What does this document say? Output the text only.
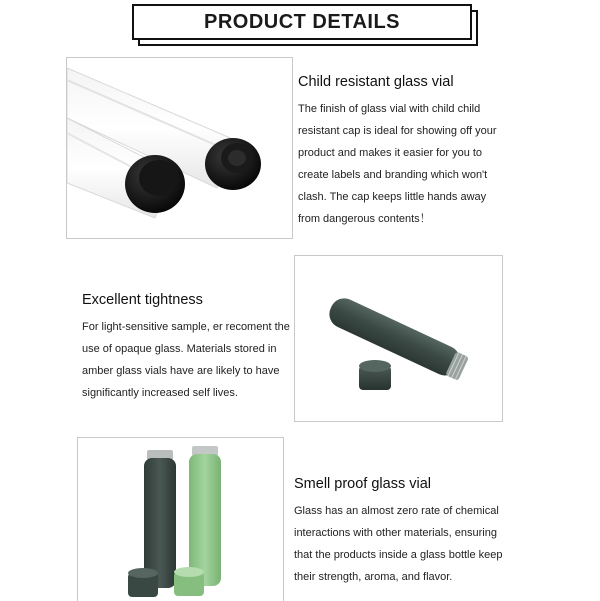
PRODUCT DETAILS
Child resistant glass vial

The finish of glass vial with child child
resistant cap is ideal for showing off your
product and makes it easier for you to
create labels and branding which won't
clash. The cap keeps little hands away
from dangerous contents！

Excellent tightness

For light-sensitive sample, er recoment the
use of opaque glass. Materials stored in
amber glass vials have are likely to have
significantly increased self lives.

Smell proof glass vial

Glass has an almost zero rate of chemical
interactions with other materials, ensuring
that the products inside a glass bottle keep
their strength, aroma, and flavor.
